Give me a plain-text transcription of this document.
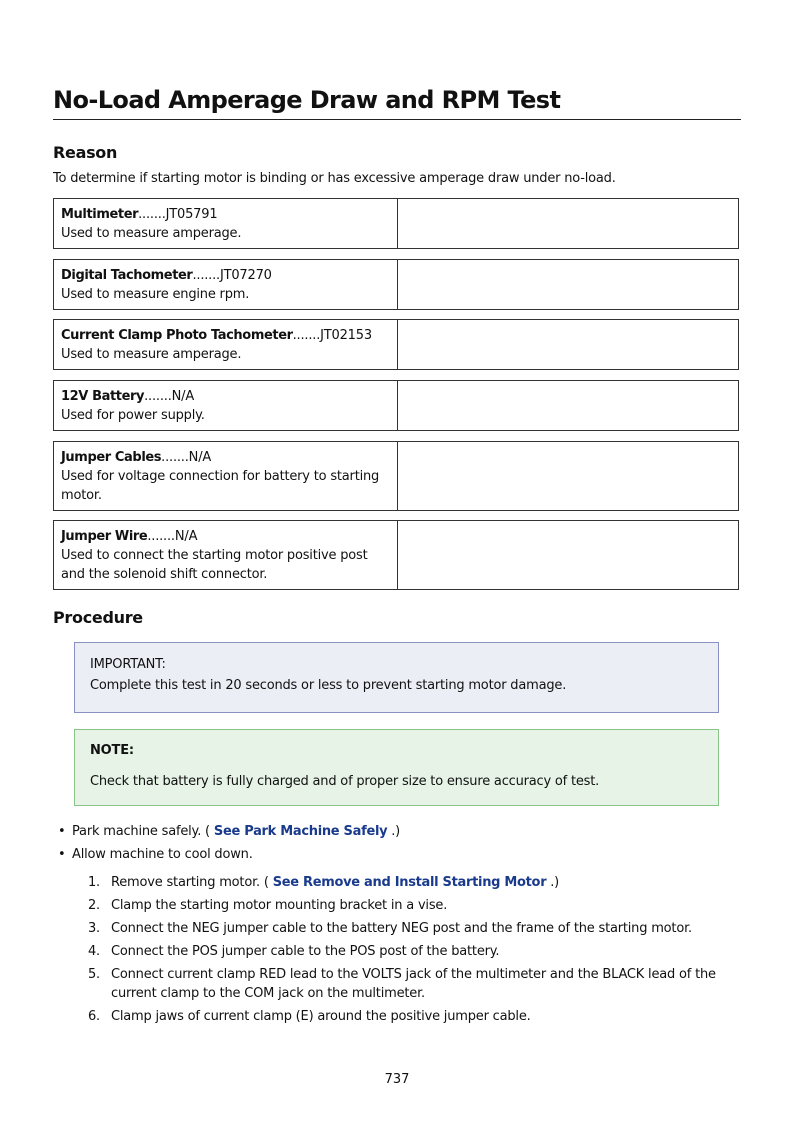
No-Load Amperage Draw and RPM Test
Reason

To determine if starting motor is binding or has excessive amperage draw under no-load.

Multimeter.......JT05791
Used to measure amperage.
Digital Tachometer.......JT07270
Used to measure engine rpm.
Current Clamp Photo Tachometer.......JT02153
Used to measure amperage.
12V Battery.......N/A
Used for power supply.
Jumper Cables.......N/A
Used for voltage connection for battery to starting motor.
Jumper Wire.......N/A
Used to connect the starting motor positive post and the solenoid shift connector.
Procedure
IMPORTANT:
Complete this test in 20 seconds or less to prevent starting motor damage.
NOTE:
Check that battery is fully charged and of proper size to ensure accuracy of test.
• Park machine safely. ( See Park Machine Safely .)
• Allow machine to cool down.
1. Remove starting motor. ( See Remove and Install Starting Motor .)
2. Clamp the starting motor mounting bracket in a vise.
3. Connect the NEG jumper cable to the battery NEG post and the frame of the starting motor.
4. Connect the POS jumper cable to the POS post of the battery.
5. Connect current clamp RED lead to the VOLTS jack of the multimeter and the BLACK lead of the current clamp to the COM jack on the multimeter.
6. Clamp jaws of current clamp (E) around the positive jumper cable.
737
